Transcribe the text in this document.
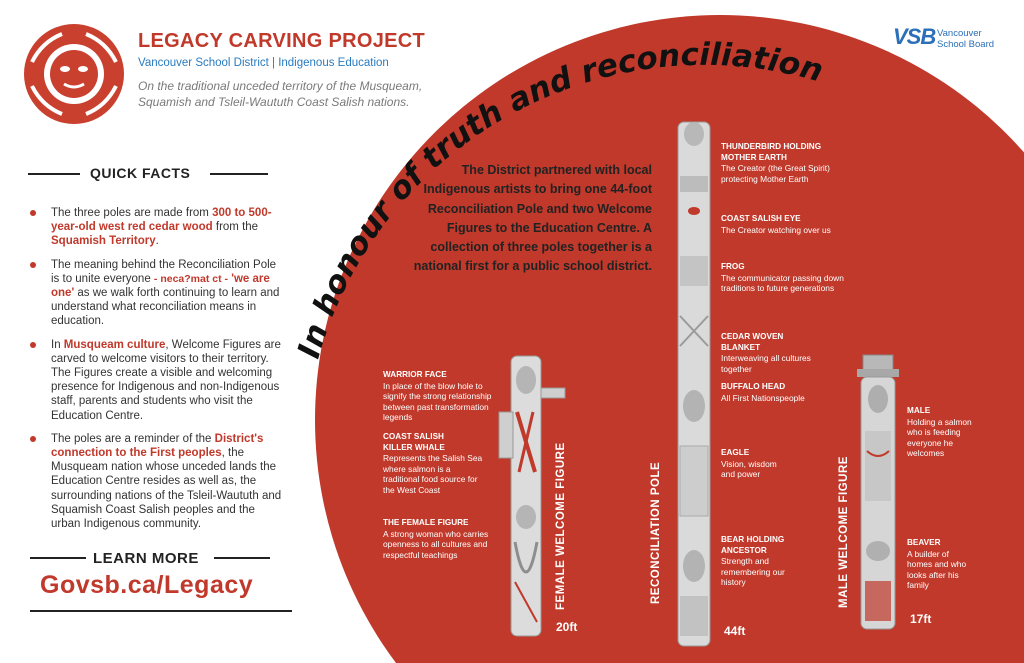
In honour of truth and reconciliation
LEGACY CARVING PROJECT
Vancouver School District | Indigenous Education
On the traditional unceded territory of the Musqueam, Squamish and Tsleil-Waututh Coast Salish nations.
VSB Vancouver
School Board
QUICK FACTS
The three poles are made from 300 to 500-year-old west red cedar wood from the Squamish Territory.
The meaning behind the Reconciliation Pole is to unite everyone - neca?mat ct - 'we are one' as we walk forth continuing to learn and understand what reconciliation means in education.
In Musqueam culture, Welcome Figures are carved to welcome visitors to their territory. The Figures create a visible and welcoming presence for Indigenous and non-Indigenous staff, parents and students who visit the Education Centre.
The poles are a reminder of the District's connection to the First peoples, the Musqueam nation whose unceded lands the Education Centre resides as well as, the surrounding nations of the Tsleil-Waututh and Squamish Coast Salish peoples and the urban Indigenous community.
LEARN MORE
Govsb.ca/Legacy
The District partnered with local Indigenous artists to bring one 44-foot Reconciliation Pole and two Welcome Figures to the Education Centre. A collection of three poles together is a national first for a public school district.
FEMALE WELCOME FIGURE	RECONCILIATION POLE	MALE WELCOME FIGURE
20ft	44ft
17ft
WARRIOR FACE
In place of the blow hole to signify the strong relationship between past transformation legends
COAST SALISH KILLER WHALE
Represents the Salish Sea where salmon is a traditional food source for the West Coast
THE FEMALE FIGURE
A strong woman who carries openness to all cultures and respectful teachings
THUNDERBIRD HOLDING MOTHER EARTH
The Creator (the Great Spirit) protecting Mother Earth
COAST SALISH EYE
The Creator watching over us
FROG
The communicator passing down traditions to future generations
CEDAR WOVEN BLANKET
Interweaving all cultures together
BUFFALO HEAD
All First Nationspeople
EAGLE
Vision, wisdom and power
BEAR HOLDING ANCESTOR
Strength and remembering our history
MALE
Holding a salmon who is feeding everyone he welcomes
BEAVER
A builder of homes and who looks after his family
